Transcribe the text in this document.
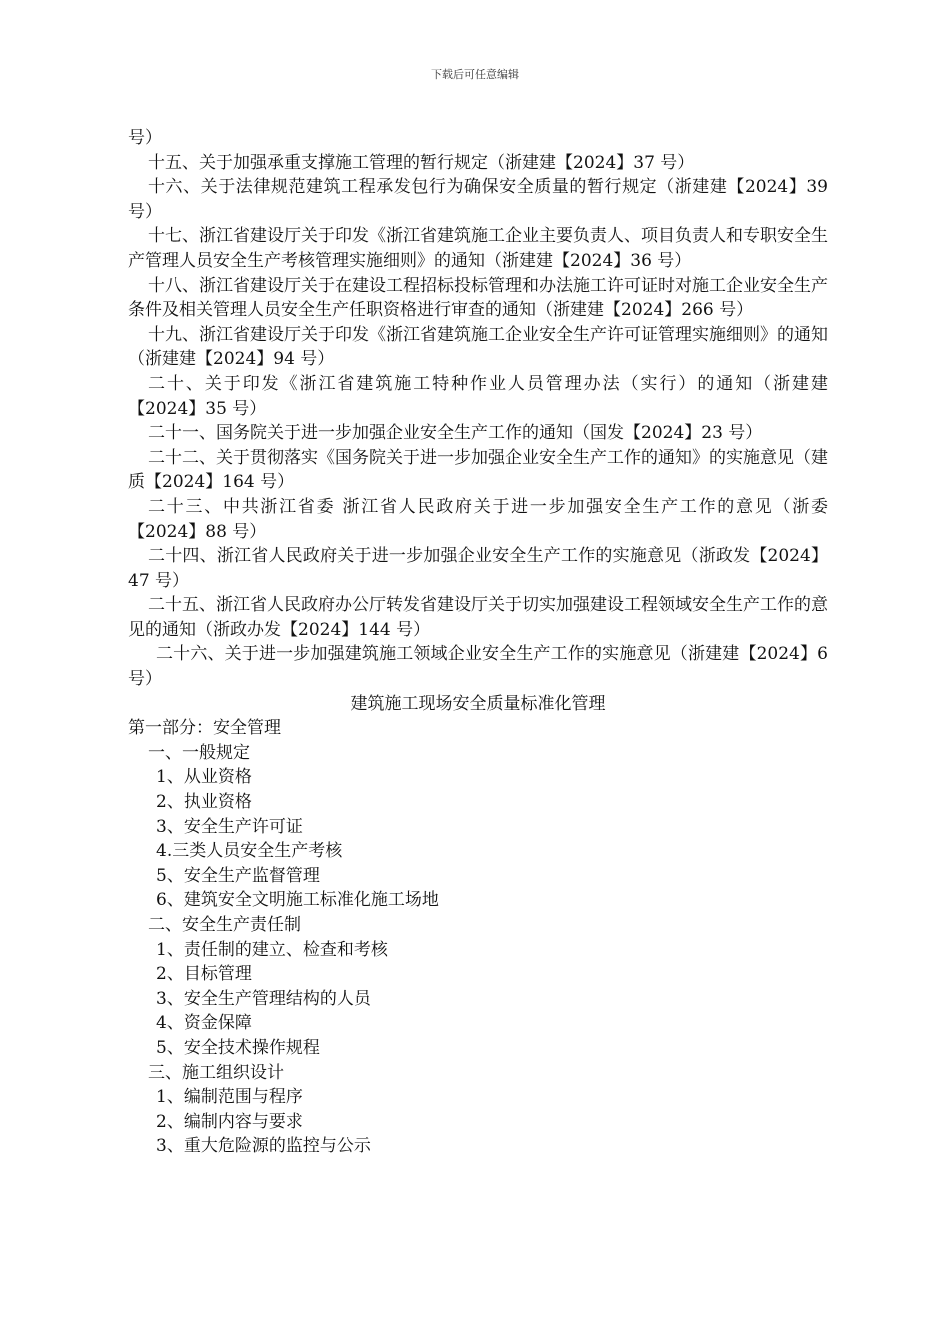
下载后可任意编辑

号）

十五、关于加强承重支撑施工管理的暂行规定（浙建建【2024】37 号）

十六、关于法律规范建筑工程承发包行为确保安全质量的暂行规定（浙建建【2024】39 号）

十七、浙江省建设厅关于印发《浙江省建筑施工企业主要负责人、项目负责人和专职安全生产管理人员安全生产考核管理实施细则》的通知（浙建建【2024】36 号）

十八、浙江省建设厅关于在建设工程招标投标管理和办法施工许可证时对施工企业安全生产条件及相关管理人员安全生产任职资格进行审查的通知（浙建建【2024】266 号）

十九、浙江省建设厅关于印发《浙江省建筑施工企业安全生产许可证管理实施细则》的通知（浙建建【2024】94 号）

二十、关于印发《浙江省建筑施工特种作业人员管理办法（实行）的通知（浙建建【2024】35 号）

二十一、国务院关于进一步加强企业安全生产工作的通知（国发【2024】23 号）

二十二、关于贯彻落实《国务院关于进一步加强企业安全生产工作的通知》的实施意见（建质【2024】164 号）

二十三、中共浙江省委 浙江省人民政府关于进一步加强安全生产工作的意见（浙委【2024】88 号）

二十四、浙江省人民政府关于进一步加强企业安全生产工作的实施意见（浙政发【2024】47 号）

二十五、浙江省人民政府办公厅转发省建设厅关于切实加强建设工程领域安全生产工作的意见的通知（浙政办发【2024】144 号）

二十六、关于进一步加强建筑施工领域企业安全生产工作的实施意见（浙建建【2024】6 号）

建筑施工现场安全质量标准化管理

第一部分：安全管理

一、一般规定

1、从业资格

2、执业资格

3、安全生产许可证

4.三类人员安全生产考核

5、安全生产监督管理

6、建筑安全文明施工标准化施工场地

二、安全生产责任制

1、责任制的建立、检查和考核

2、目标管理

3、安全生产管理结构的人员

4、资金保障

5、安全技术操作规程

三、施工组织设计

1、编制范围与程序

2、编制内容与要求

3、重大危险源的监控与公示
